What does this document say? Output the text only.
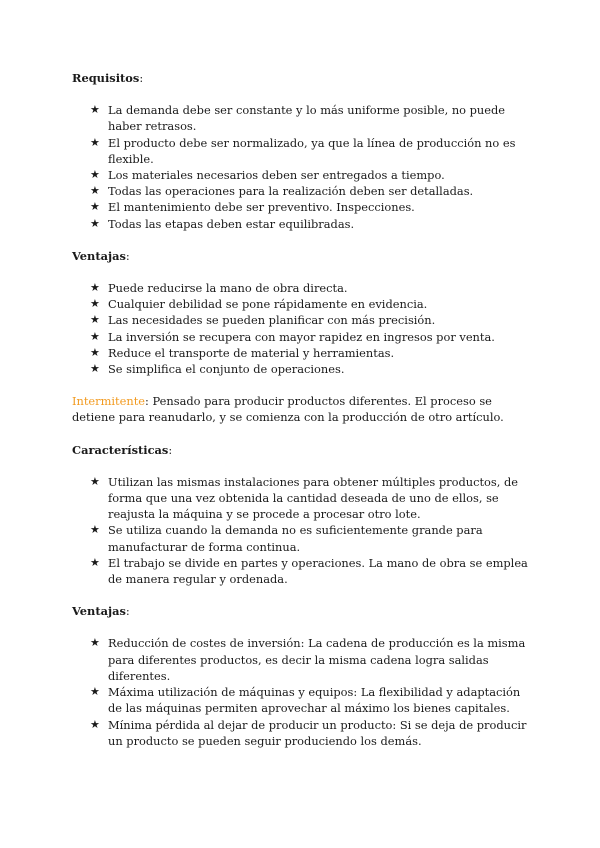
Requisitos:

★ La demanda debe ser constante y lo más uniforme posible, no puede haber retrasos.
★ El producto debe ser normalizado, ya que la línea de producción no es flexible.
★ Los materiales necesarios deben ser entregados a tiempo.
★ Todas las operaciones para la realización deben ser detalladas.
★ El mantenimiento debe ser preventivo. Inspecciones.
★ Todas las etapas deben estar equilibradas.

Ventajas:

★ Puede reducirse la mano de obra directa.
★ Cualquier debilidad se pone rápidamente en evidencia.
★ Las necesidades se pueden planificar con más precisión.
★ La inversión se recupera con mayor rapidez en ingresos por venta.
★ Reduce el transporte de material y herramientas.
★ Se simplifica el conjunto de operaciones.

Intermitente: Pensado para producir productos diferentes. El proceso se detiene para reanudarlo, y se comienza con la producción de otro artículo.

Características:

★ Utilizan las mismas instalaciones para obtener múltiples productos, de forma que una vez obtenida la cantidad deseada de uno de ellos, se reajusta la máquina y se procede a procesar otro lote.
★ Se utiliza cuando la demanda no es suficientemente grande para manufacturar de forma continua.
★ El trabajo se divide en partes y operaciones. La mano de obra se emplea de manera regular y ordenada.

Ventajas:

★ Reducción de costes de inversión: La cadena de producción es la misma para diferentes productos, es decir la misma cadena logra salidas diferentes.
★ Máxima utilización de máquinas y equipos: La flexibilidad y adaptación de las máquinas permiten aprovechar al máximo los bienes capitales.
★ Mínima pérdida al dejar de producir un producto: Si se deja de producir un producto se pueden seguir produciendo los demás.
